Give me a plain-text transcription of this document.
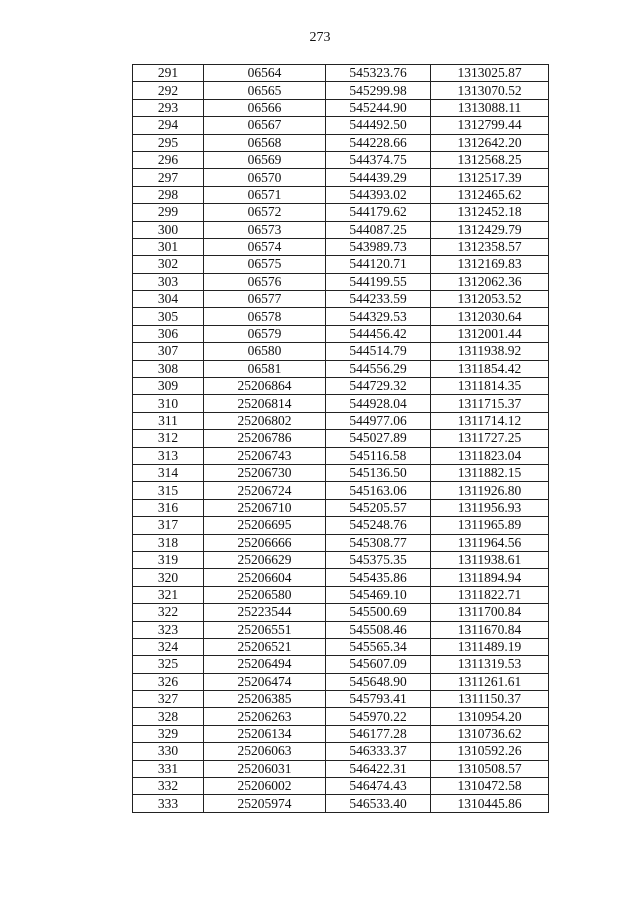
273
291	06564	545323.76	1313025.87
292	06565	545299.98	1313070.52
293	06566	545244.90	1313088.11
294	06567	544492.50	1312799.44
295	06568	544228.66	1312642.20
296	06569	544374.75	1312568.25
297	06570	544439.29	1312517.39
298	06571	544393.02	1312465.62
299	06572	544179.62	1312452.18
300	06573	544087.25	1312429.79
301	06574	543989.73	1312358.57
302	06575	544120.71	1312169.83
303	06576	544199.55	1312062.36
304	06577	544233.59	1312053.52
305	06578	544329.53	1312030.64
306	06579	544456.42	1312001.44
307	06580	544514.79	1311938.92
308	06581	544556.29	1311854.42
309	25206864	544729.32	1311814.35
310	25206814	544928.04	1311715.37
311	25206802	544977.06	1311714.12
312	25206786	545027.89	1311727.25
313	25206743	545116.58	1311823.04
314	25206730	545136.50	1311882.15
315	25206724	545163.06	1311926.80
316	25206710	545205.57	1311956.93
317	25206695	545248.76	1311965.89
318	25206666	545308.77	1311964.56
319	25206629	545375.35	1311938.61
320	25206604	545435.86	1311894.94
321	25206580	545469.10	1311822.71
322	25223544	545500.69	1311700.84
323	25206551	545508.46	1311670.84
324	25206521	545565.34	1311489.19
325	25206494	545607.09	1311319.53
326	25206474	545648.90	1311261.61
327	25206385	545793.41	1311150.37
328	25206263	545970.22	1310954.20
329	25206134	546177.28	1310736.62
330	25206063	546333.37	1310592.26
331	25206031	546422.31	1310508.57
332	25206002	546474.43	1310472.58
333	25205974	546533.40	1310445.86
